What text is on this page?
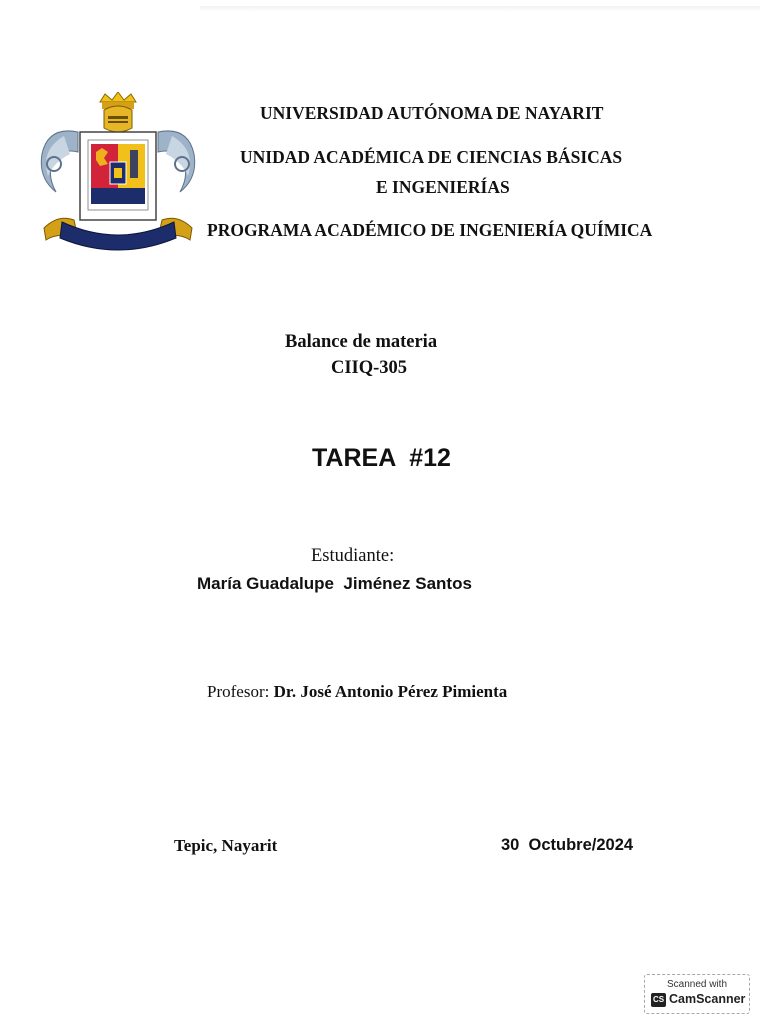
UNIVERSIDAD AUTÓNOMA DE NAYARIT
UNIDAD ACADÉMICA DE CIENCIAS BÁSICAS
E INGENIERÍAS
PROGRAMA ACADÉMICO DE INGENIERÍA QUÍMICA
Balance de materia
CIIQ-305
TAREA  #12
Estudiante:
María Guadalupe  Jiménez Santos
Profesor: Dr. José Antonio Pérez Pimienta
Tepic, Nayarit	30  Octubre/2024
Scanned with
CS CamScanner
